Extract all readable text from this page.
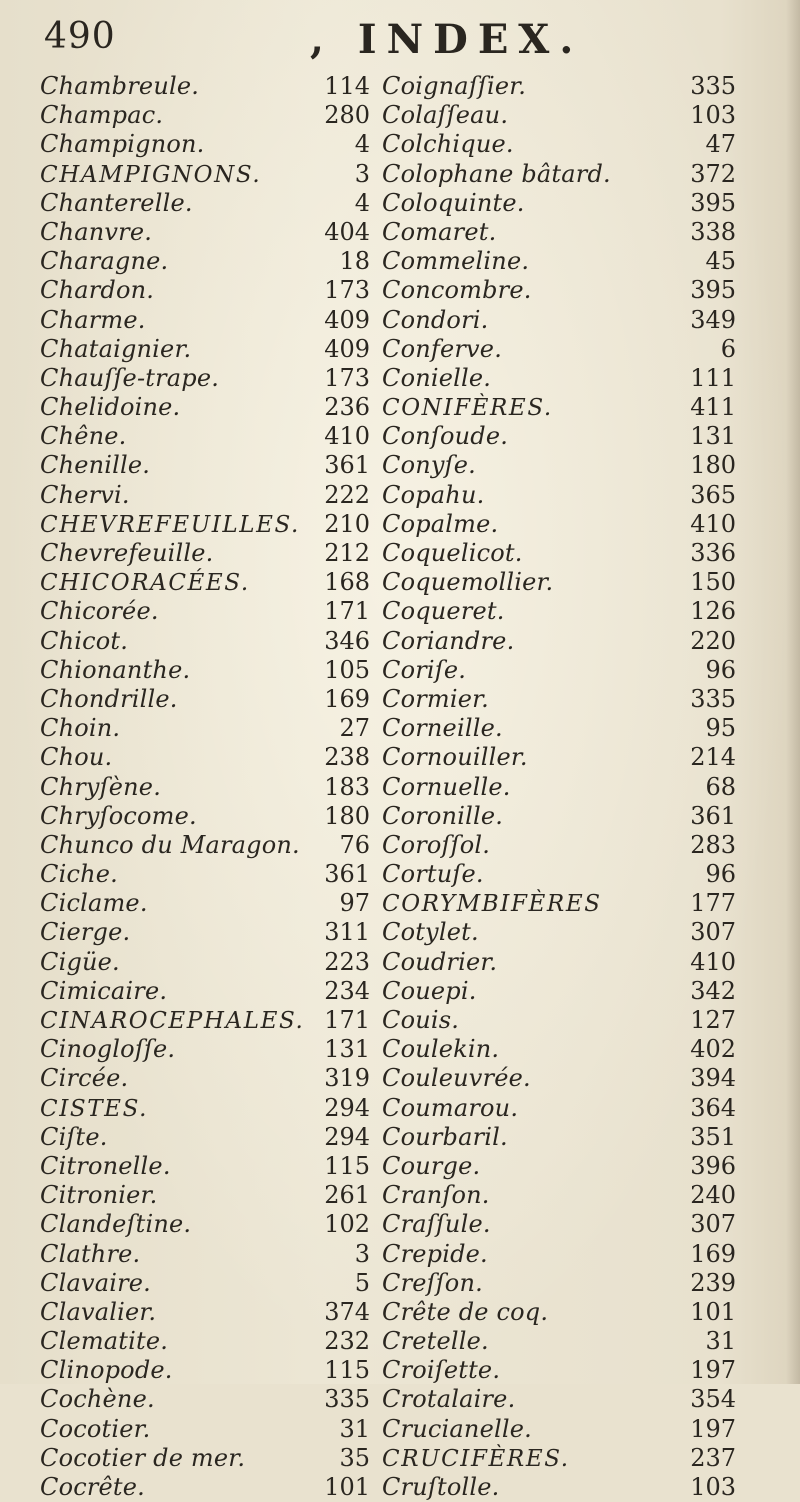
490	, INDEX.
Chambreule.	114
Champac.	280
Champignon.	4
CHAMPIGNONS.	3
Chanterelle.	4
Chanvre.	404
Charagne.	18
Chardon.	173
Charme.	409
Chataignier.	409
Chauſſe-trape.	173
Chelidoine.	236
Chêne.	410
Chenille.	361
Chervi.	222
CHEVREFEUILLES. 210
Chevrefeuille.	212
CHICORACÉES.	168
Chicorée.	171
Chicot.	346
Chionanthe.	105
Chondrille.	169
Choin.	27
Chou.	238
Chryſène.	183
Chryſocome.	180
Chunco du Maragon. 76
Ciche.	361
Ciclame.	97
Cierge.	311
Cigüe.	223
Cimicaire.	234
CINAROCEPHALES. 171
Cinogloſſe.	131
Circée.	319
CISTES.	294
Ciſte.	294
Citronelle.	115
Citronier.	261
Clandeſtine.	102
Clathre.	3
Clavaire.	5
Clavalier.	374
Clematite.	232
Clinopode.	115
Cochène.	335
Cocotier.	31
Cocotier de mer.	35
Cocrête.	101
Coignaſſier.	335
Colaſſeau.	103
Colchique.	47
Colophane bâtard.	372
Coloquinte.	395
Comaret.	338
Commeline.	45
Concombre.	395
Condori.	349
Conferve.	6
Conielle.	111
CONIFÈRES.	411
Conſoude.	131
Conyſe.	180
Copahu.	365
Copalme.	410
Coquelicot.	336
Coquemollier.	150
Coqueret.	126
Coriandre.	220
Coriſe.	96
Cormier.	335
Corneille.	95
Cornouiller.	214
Cornuelle.	68
Coronille.	361
Coroſſol.	283
Cortuſe.	96
CORYMBIFÈRES	177
Cotylet.	307
Coudrier.	410
Couepi.	342
Couis.	127
Coulekin.	402
Couleuvrée.	394
Coumarou.	364
Courbaril.	351
Courge.	396
Cranſon.	240
Craſſule.	307
Crepide.	169
Creſſon.	239
Crête de coq.	101
Cretelle.	31
Croiſette.	197
Crotalaire.	354
Crucianelle.	197
CRUCIFÈRES.	237
Cruſtolle.	103
